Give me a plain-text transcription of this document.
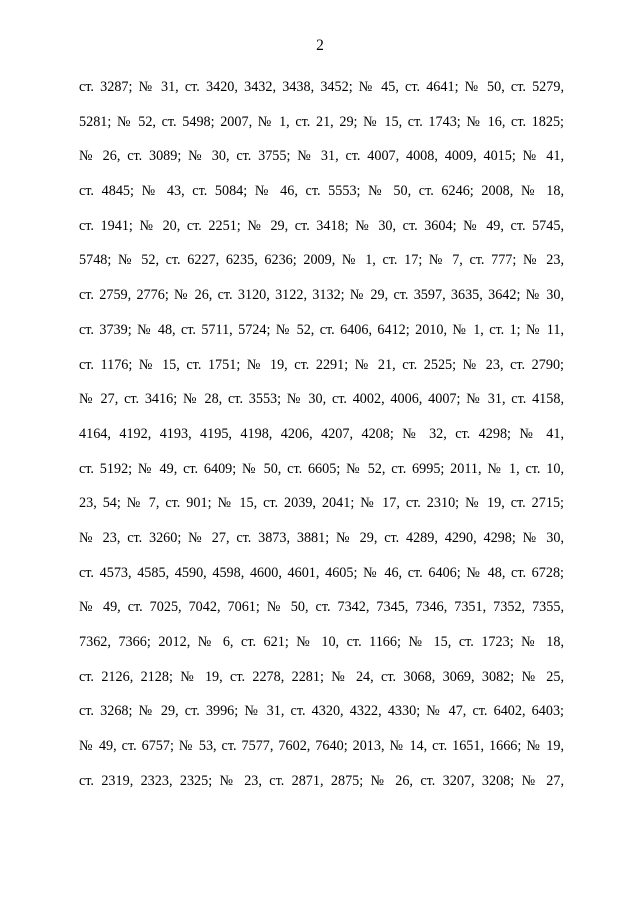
2
ст. 3287; № 31, ст. 3420, 3432, 3438, 3452; № 45, ст. 4641; № 50, ст. 5279,
5281; № 52, ст. 5498; 2007, № 1, ст. 21, 29; № 15, ст. 1743; № 16, ст. 1825;
№ 26, ст. 3089; № 30, ст. 3755; № 31, ст. 4007, 4008, 4009, 4015; № 41,
ст. 4845; № 43, ст. 5084; № 46, ст. 5553; № 50, ст. 6246; 2008, № 18,
ст. 1941; № 20, ст. 2251; № 29, ст. 3418; № 30, ст. 3604; № 49, ст. 5745,
5748; № 52, ст. 6227, 6235, 6236; 2009, № 1, ст. 17; № 7, ст. 777; № 23,
ст. 2759, 2776; № 26, ст. 3120, 3122, 3132; № 29, ст. 3597, 3635, 3642; № 30,
ст. 3739; № 48, ст. 5711, 5724; № 52, ст. 6406, 6412; 2010, № 1, ст. 1; № 11,
ст. 1176; № 15, ст. 1751; № 19, ст. 2291; № 21, ст. 2525; № 23, ст. 2790;
№ 27, ст. 3416; № 28, ст. 3553; № 30, ст. 4002, 4006, 4007; № 31, ст. 4158,
4164, 4192, 4193, 4195, 4198, 4206, 4207, 4208; № 32, ст. 4298; № 41,
ст. 5192; № 49, ст. 6409; № 50, ст. 6605; № 52, ст. 6995; 2011, № 1, ст. 10,
23, 54; № 7, ст. 901; № 15, ст. 2039, 2041; № 17, ст. 2310; № 19, ст. 2715;
№ 23, ст. 3260; № 27, ст. 3873, 3881; № 29, ст. 4289, 4290, 4298; № 30,
ст. 4573, 4585, 4590, 4598, 4600, 4601, 4605; № 46, ст. 6406; № 48, ст. 6728;
№ 49, ст. 7025, 7042, 7061; № 50, ст. 7342, 7345, 7346, 7351, 7352, 7355,
7362, 7366; 2012, № 6, ст. 621; № 10, ст. 1166; № 15, ст. 1723; № 18,
ст. 2126, 2128; № 19, ст. 2278, 2281; № 24, ст. 3068, 3069, 3082; № 25,
ст. 3268; № 29, ст. 3996; № 31, ст. 4320, 4322, 4330; № 47, ст. 6402, 6403;
№ 49, ст. 6757; № 53, ст. 7577, 7602, 7640; 2013, № 14, ст. 1651, 1666; № 19,
ст. 2319, 2323, 2325; № 23, ст. 2871, 2875; № 26, ст. 3207, 3208; № 27,
